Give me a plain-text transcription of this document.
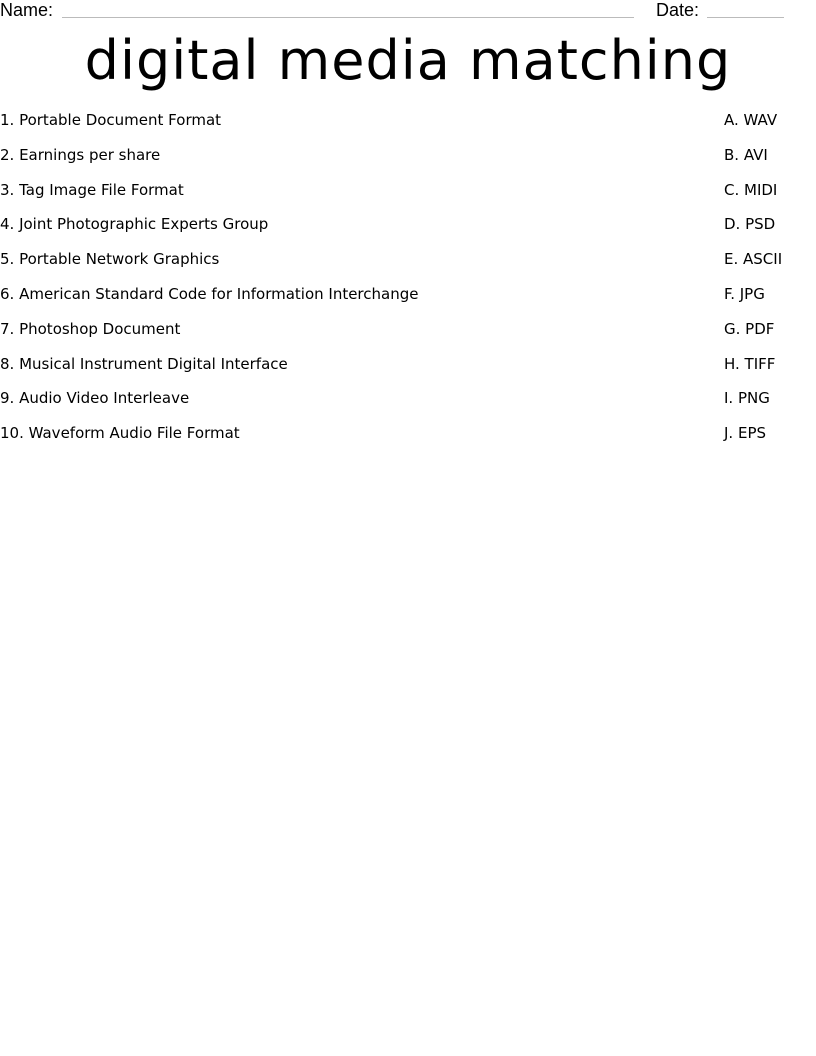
Name:	Date:
digital media matching
1. Portable Document Format	A. WAV
2. Earnings per share	B. AVI
3. Tag Image File Format	C. MIDI
4. Joint Photographic Experts Group	D. PSD
5. Portable Network Graphics	E. ASCII
6. American Standard Code for Information Interchange	F. JPG
7. Photoshop Document	G. PDF
8. Musical Instrument Digital Interface	H. TIFF
9. Audio Video Interleave	I. PNG
10. Waveform Audio File Format	J. EPS
